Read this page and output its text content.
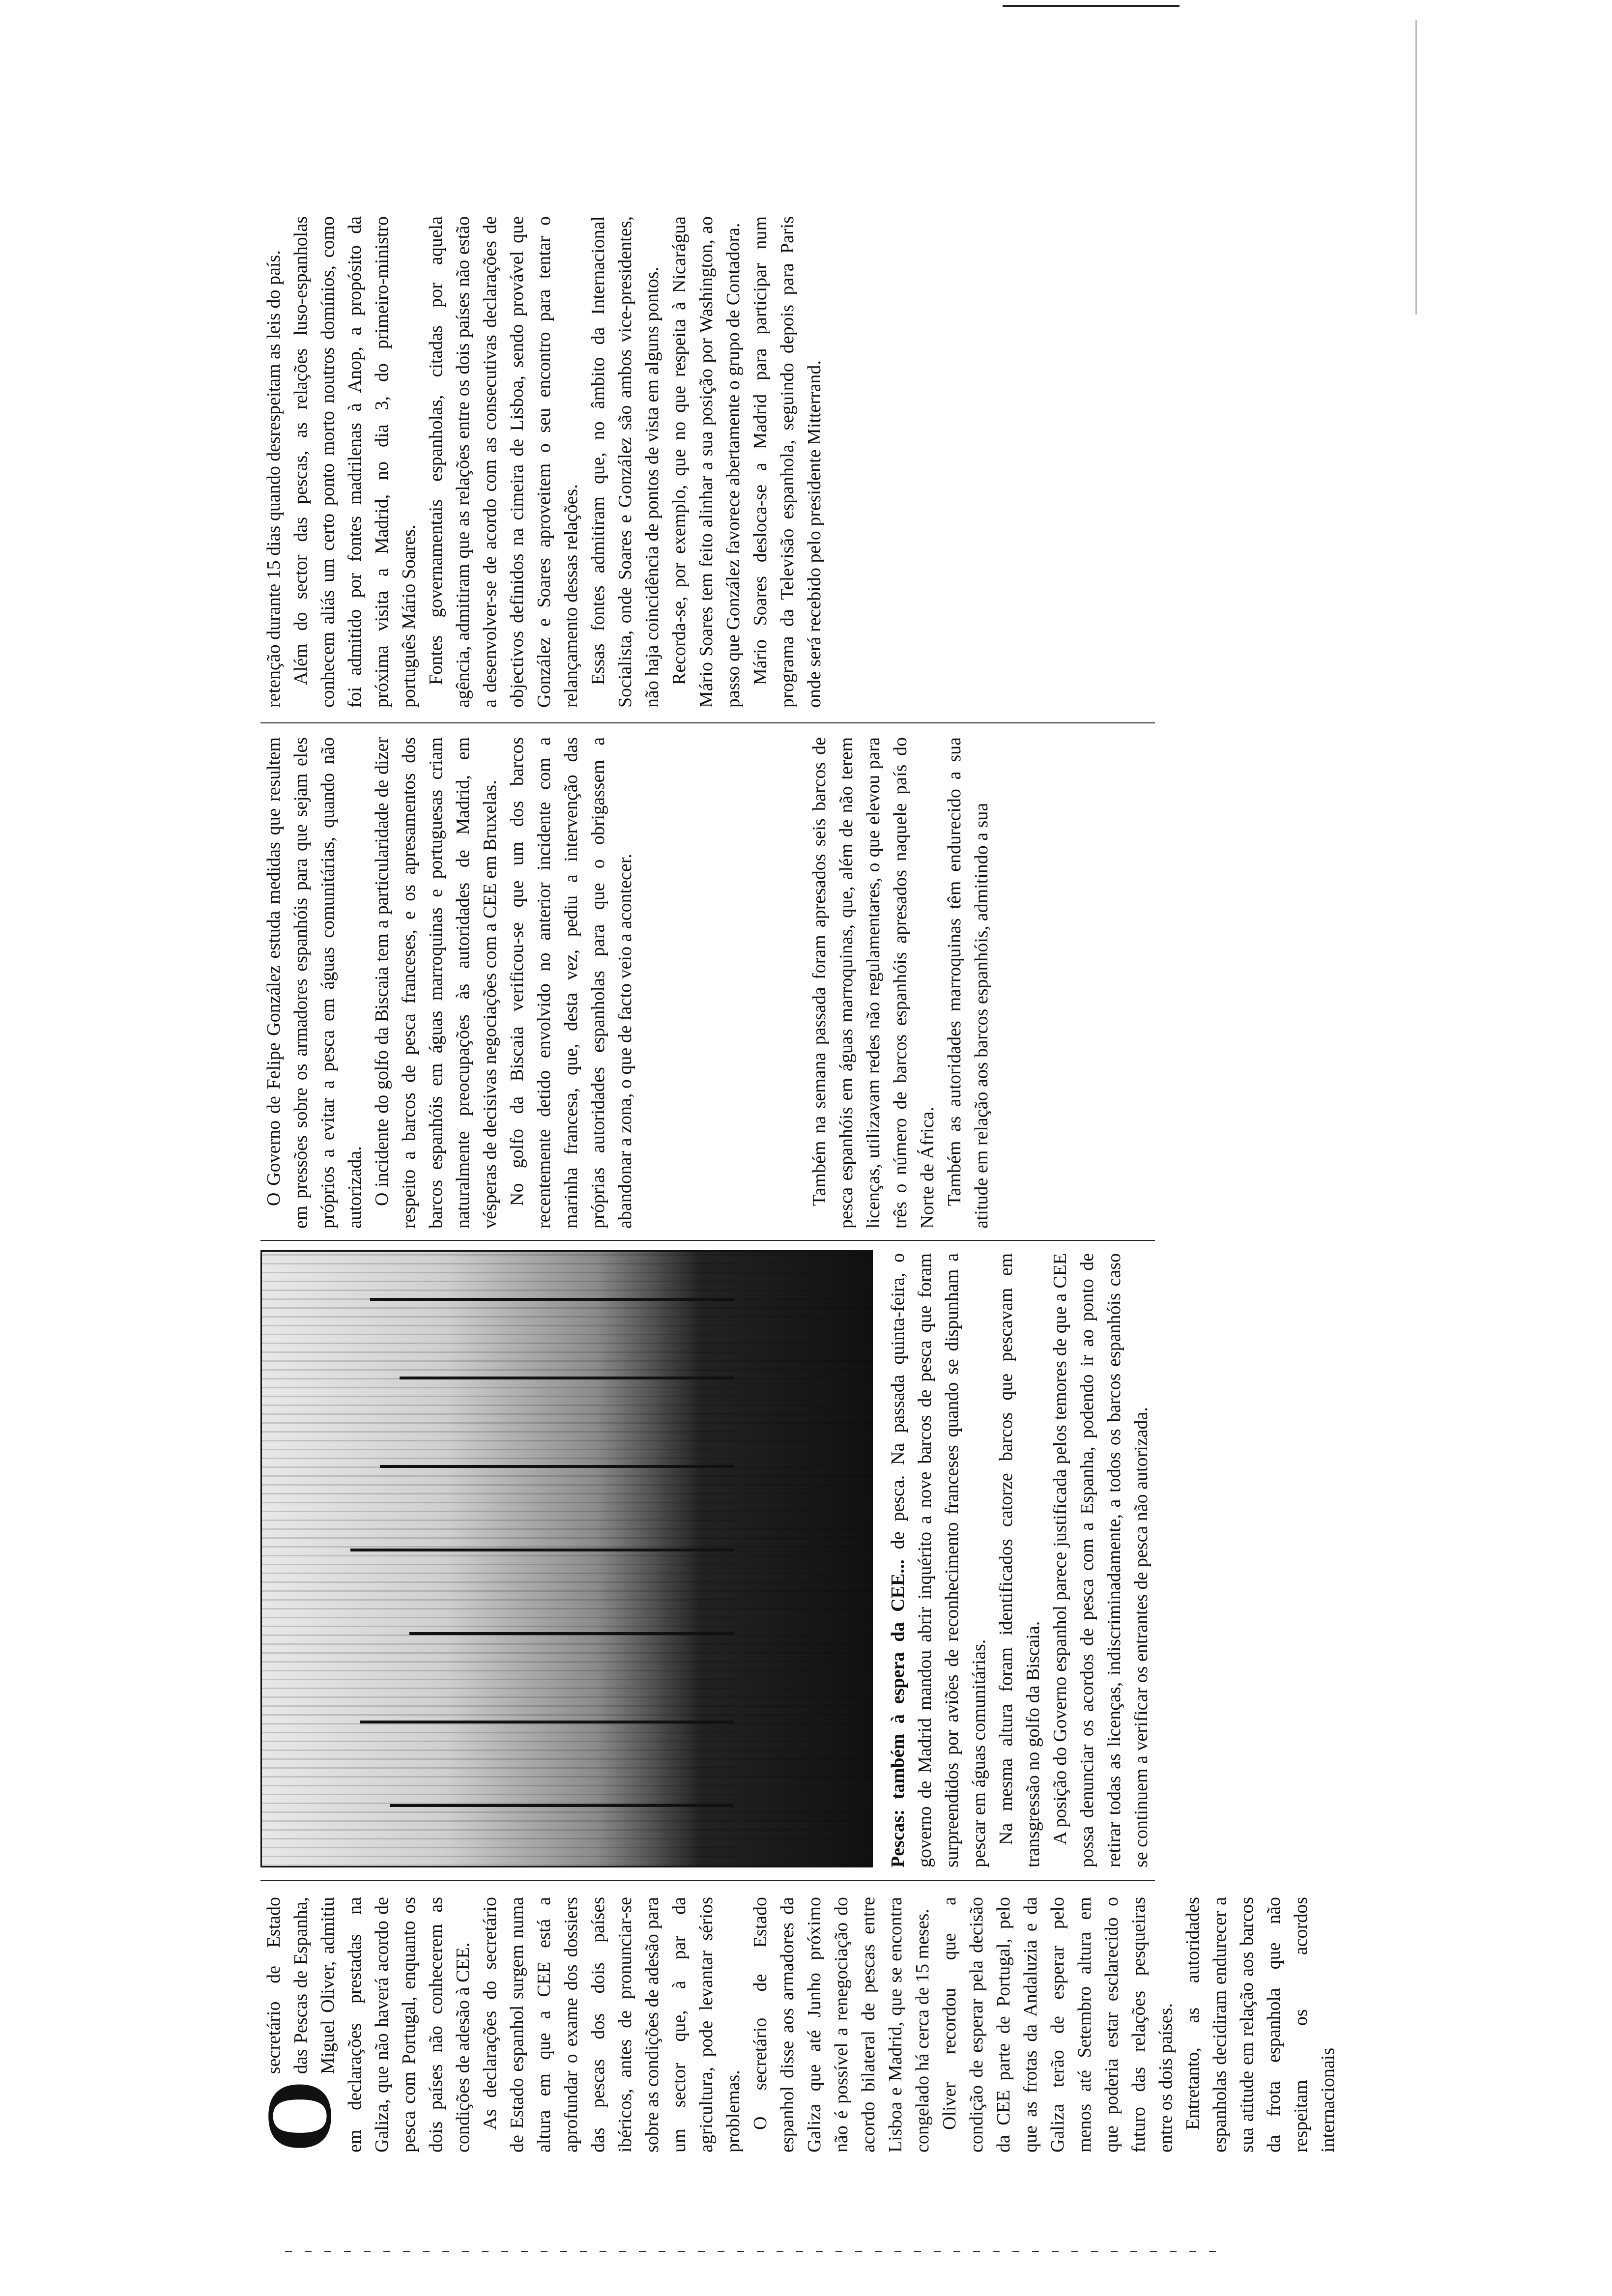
O
secretário de Estado das Pescas de Espanha, Miguel Oliver, admitiu em declarações prestadas na Galiza, que não haverá acordo de pesca com Portugal, enquanto os dois países não conhecerem as condições de adesão à CEE. As declarações do secretário de Estado espanhol surgem numa altura em que a CEE está a aprofundar o exame dos dossiers das pescas dos dois países ibéricos, antes de pronunciar-se sobre as condições de adesão para um sector que, à par da agricultura, pode levantar sérios problemas. O secretário de Estado espanhol disse aos armadores da Galiza que até Junho próximo não é possível a renegociação do acordo bilateral de pescas entre Lisboa e Madrid, que se encontra congelado há cerca de 15 meses. Oliver recordou que a condição de esperar pela decisão da CEE parte de Portugal, pelo que as frotas da Andaluzia e da Galiza terão de esperar pelo menos até Setembro altura em que poderia estar esclarecido o futuro das relações pesqueiras entre os dois países. Entretanto, as autoridades espanholas decidiram endurecer a sua atitude em relação aos barcos da frota espanhola que não respeitam os acordos internacionais

Pescas: também à espera da CEE... de pesca. Na passada quinta-feira, o governo de Madrid mandou abrir inquérito a nove barcos de pesca que foram surpreendidos por aviões de reconhecimento franceses quando se dispunham a pescar em águas comunitárias. Na mesma altura foram identificados catorze barcos que pescavam em transgressão no golfo da Biscaia. A posição do Governo espanhol parece justificada pelos temores de que a CEE possa denunciar os acordos de pesca com a Espanha, podendo ir ao ponto de retirar todas as licenças, indiscriminadamente, a todos os barcos espanhóis caso se continuem a verificar os entrantes de pesca não autorizada.

O Governo de Felipe González estuda medidas que resultem em pressões sobre os armadores espanhóis para que sejam eles próprios a evitar a pesca em águas comunitárias, quando não autorizada. O incidente do golfo da Biscaia tem a particularidade de dizer respeito a barcos de pesca franceses, e os apresamentos dos barcos espanhóis em águas marroquinas e portuguesas criam naturalmente preocupações às autoridades de Madrid, em vésperas de decisivas negociações com a CEE em Bruxelas. No golfo da Biscaia verificou-se que um dos barcos recentemente detido envolvido no anterior incidente com a marinha francesa, que, desta vez, pediu a intervenção das próprias autoridades espanholas para que o obrigassem a abandonar a zona, o que de facto veio a acontecer.	Também na semana passada foram apresados seis barcos de pesca espanhóis em águas marroquinas, que, além de não terem licenças, utilizavam redes não regulamentares, o que elevou para três o número de barcos espanhóis apresados naquele país do Norte de África. Também as autoridades marroquinas têm endurecido a sua atitude em relação aos barcos espanhóis, admitindo a sua

retenção durante 15 dias quando desrespeitam as leis do país. Além do sector das pescas, as relações luso-espanholas conhecem aliás um certo ponto morto noutros domínios, como foi admitido por fontes madrilenas à Anop, a propósito da próxima visita a Madrid, no dia 3, do primeiro-ministro português Mário Soares. Fontes governamentais espanholas, citadas por aquela agência, admitiram que as relações entre os dois países não estão a desenvolver-se de acordo com as consecutivas declarações de objectivos definidos na cimeira de Lisboa, sendo provável que González e Soares aproveitem o seu encontro para tentar o relançamento dessas relações. Essas fontes admitiram que, no âmbito da Internacional Socialista, onde Soares e González são ambos vice-presidentes, não haja coincidência de pontos de vista em alguns pontos. Recorda-se, por exemplo, que no que respeita à Nicarágua Mário Soares tem feito alinhar a sua posição por Washington, ao passo que González favorece abertamente o grupo de Contadora. Mário Soares desloca-se a Madrid para participar num programa da Televisão espanhola, seguindo depois para Paris onde será recebido pelo presidente Mitterrand.
